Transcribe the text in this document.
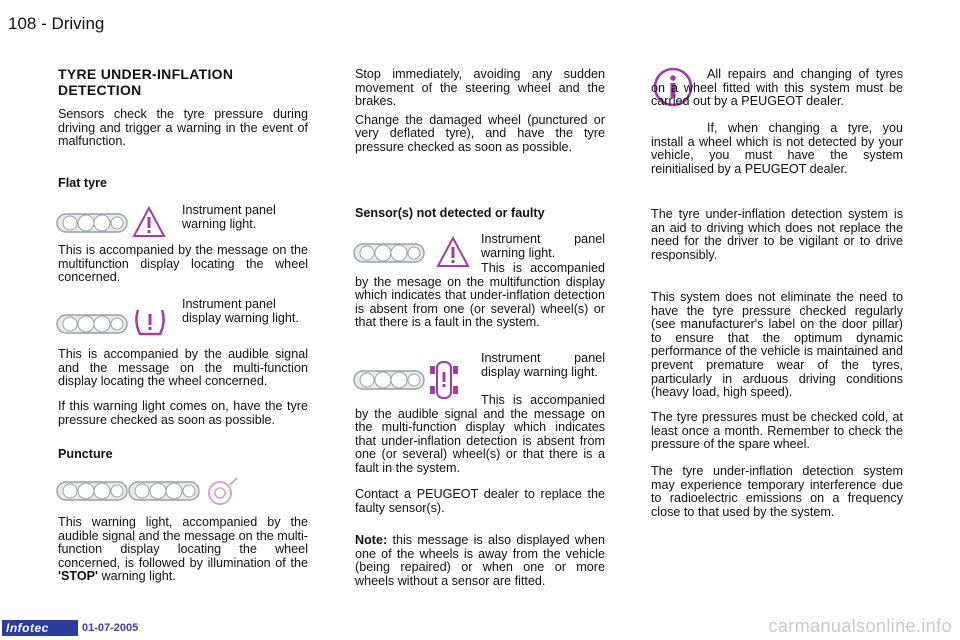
108 - Driving
TYRE UNDER-INFLATION DETECTION

Sensors check the tyre pressure during driving and trigger a warning in the event of malfunction.

Flat tyre
Instrument panel warning light.
This is accompanied by the message on the multifunction display locating the wheel concerned.
Instrument panel display warning light.
This is accompanied by the audible signal and the message on the multi-function display locating the wheel concerned.
If this warning light comes on, have the tyre pressure checked as soon as possible.
Puncture
This warning light, accompanied by the audible signal and the message on the multi-function display locating the wheel concerned, is followed by illumination of the 'STOP' warning light.

Stop immediately, avoiding any sudden movement of the steering wheel and the brakes.

Change the damaged wheel (punctured or very deflated tyre), and have the tyre pressure checked as soon as possible.

Sensor(s) not detected or faulty
Instrument panel warning light.
This is accompanied by the mesage on the multifunction display which indicates that under-inflation detection is absent from one (or several) wheel(s) or that there is a fault in the system.
Instrument panel display warning light.
This is accompanied by the audible signal and the message on the multi-function display which indicates that under-inflation detection is absent from one (or several) wheel(s) or that there is a fault in the system.
Contact a PEUGEOT dealer to replace the faulty sensor(s).
Note: this message is also displayed when one of the wheels is away from the vehicle (being repaired) or when one or more wheels without a sensor are fitted.
All repairs and changing of tyres on a wheel fitted with this system must be carried out by a PEUGEOT dealer.
If, when changing a tyre, you install a wheel which is not detected by your vehicle, you must have the system reinitialised by a PEUGEOT dealer.
The tyre under-inflation detection system is an aid to driving which does not replace the need for the driver to be vigilant or to drive responsibly.
This system does not eliminate the need to have the tyre pressure checked regularly (see manufacturer's label on the door pillar) to ensure that the optimum dynamic performance of the vehicle is maintained and prevent premature wear of the tyres, particularly in arduous driving conditions (heavy load, high speed).
The tyre pressures must be checked cold, at least once a month. Remember to check the pressure of the spare wheel.
The tyre under-inflation detection system may experience temporary interference due to radioelectric emissions on a frequency close to that used by the system.
Infotec	01-07-2005	carmanualsonline.info
